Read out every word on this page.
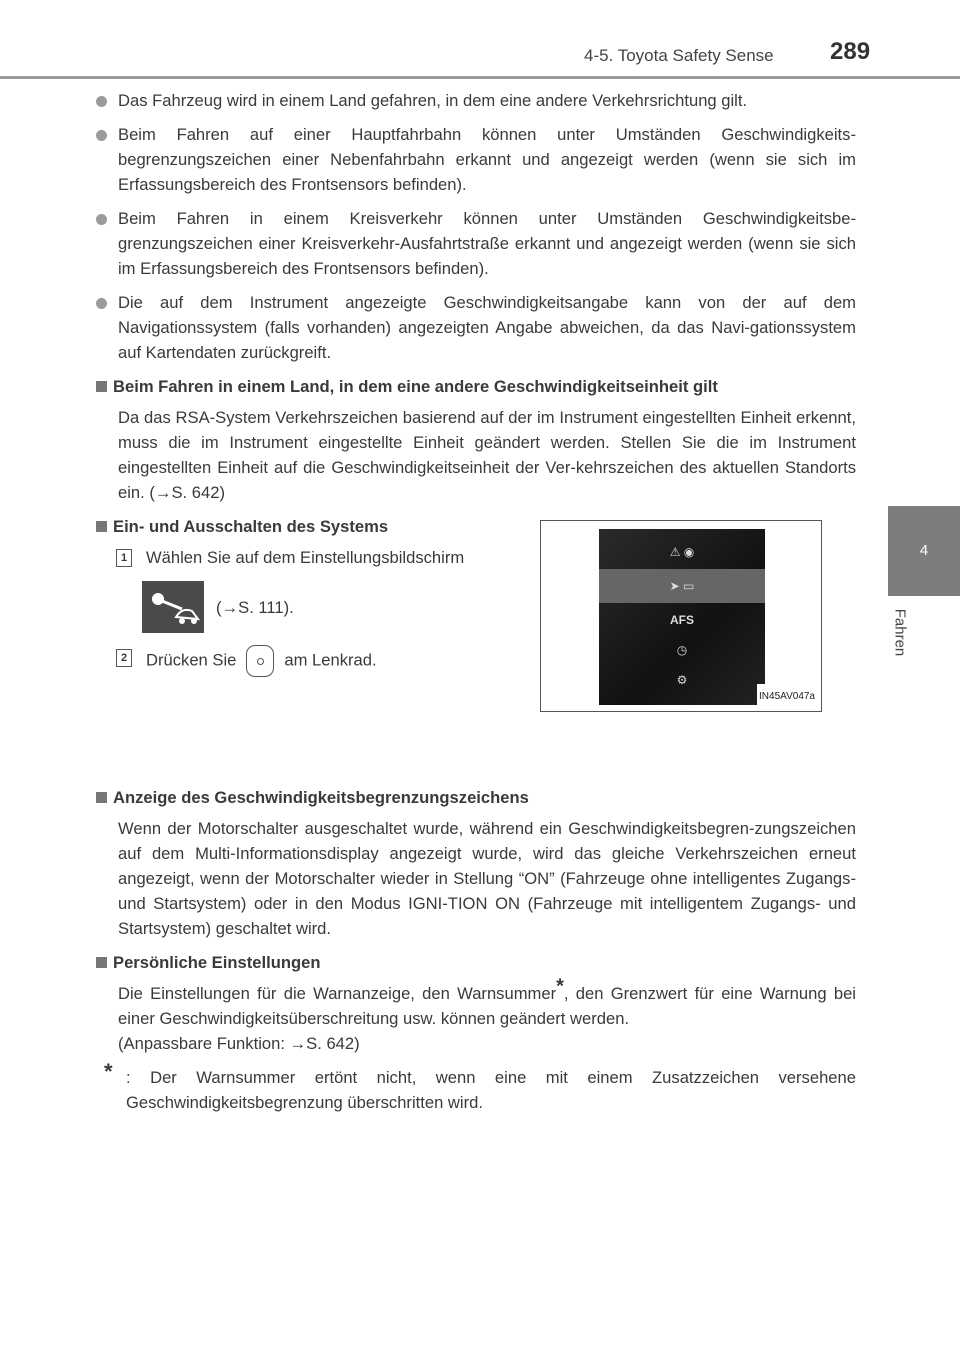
4-5. Toyota Safety Sense 289
4
Fahren

Das Fahrzeug wird in einem Land gefahren, in dem eine andere Verkehrsrichtung gilt.

Beim Fahren auf einer Hauptfahrbahn können unter Umständen Geschwindigkeits-begrenzungszeichen einer Nebenfahrbahn erkannt und angezeigt werden (wenn sie sich im Erfassungsbereich des Frontsensors befinden).

Beim Fahren in einem Kreisverkehr können unter Umständen Geschwindigkeitsbe-grenzungszeichen einer Kreisverkehr-Ausfahrtstraße erkannt und angezeigt werden (wenn sie sich im Erfassungsbereich des Frontsensors befinden).

Die auf dem Instrument angezeigte Geschwindigkeitsangabe kann von der auf dem Navigationssystem (falls vorhanden) angezeigten Angabe abweichen, da das Navi-gationssystem auf Kartendaten zurückgreift.

Beim Fahren in einem Land, in dem eine andere Geschwindigkeitseinheit gilt

Da das RSA-System Verkehrszeichen basierend auf der im Instrument eingestellten Einheit erkennt, muss die im Instrument eingestellte Einheit geändert werden. Stellen Sie die im Instrument eingestellten Einheit auf die Geschwindigkeitseinheit der Ver-kehrszeichen des aktuellen Standorts ein. (→S. 642)

Ein- und Ausschalten des Systems

1 Wählen Sie auf dem Einstellungsbildschirm
(→S. 111).
2 Drücken Sie	am Lenkrad.
⚠ ◉
➤ ▭
AFS
◷
⚙
IN45AV047a

Anzeige des Geschwindigkeitsbegrenzungszeichens

Wenn der Motorschalter ausgeschaltet wurde, während ein Geschwindigkeitsbegren-zungszeichen auf dem Multi-Informationsdisplay angezeigt wurde, wird das gleiche Verkehrszeichen erneut angezeigt, wenn der Motorschalter wieder in Stellung “ON” (Fahrzeuge ohne intelligentes Zugangs- und Startsystem) oder in den Modus IGNI-TION ON (Fahrzeuge mit intelligentem Zugangs- und Startsystem) geschaltet wird.

Persönliche Einstellungen

Die Einstellungen für die Warnanzeige, den Warnsummer*, den Grenzwert für eine Warnung bei einer Geschwindigkeitsüberschreitung usw. können geändert werden.

(Anpassbare Funktion: →S. 642)

* : Der Warnsummer ertönt nicht, wenn eine mit einem Zusatzzeichen versehene Geschwindigkeitsbegrenzung überschritten wird.
